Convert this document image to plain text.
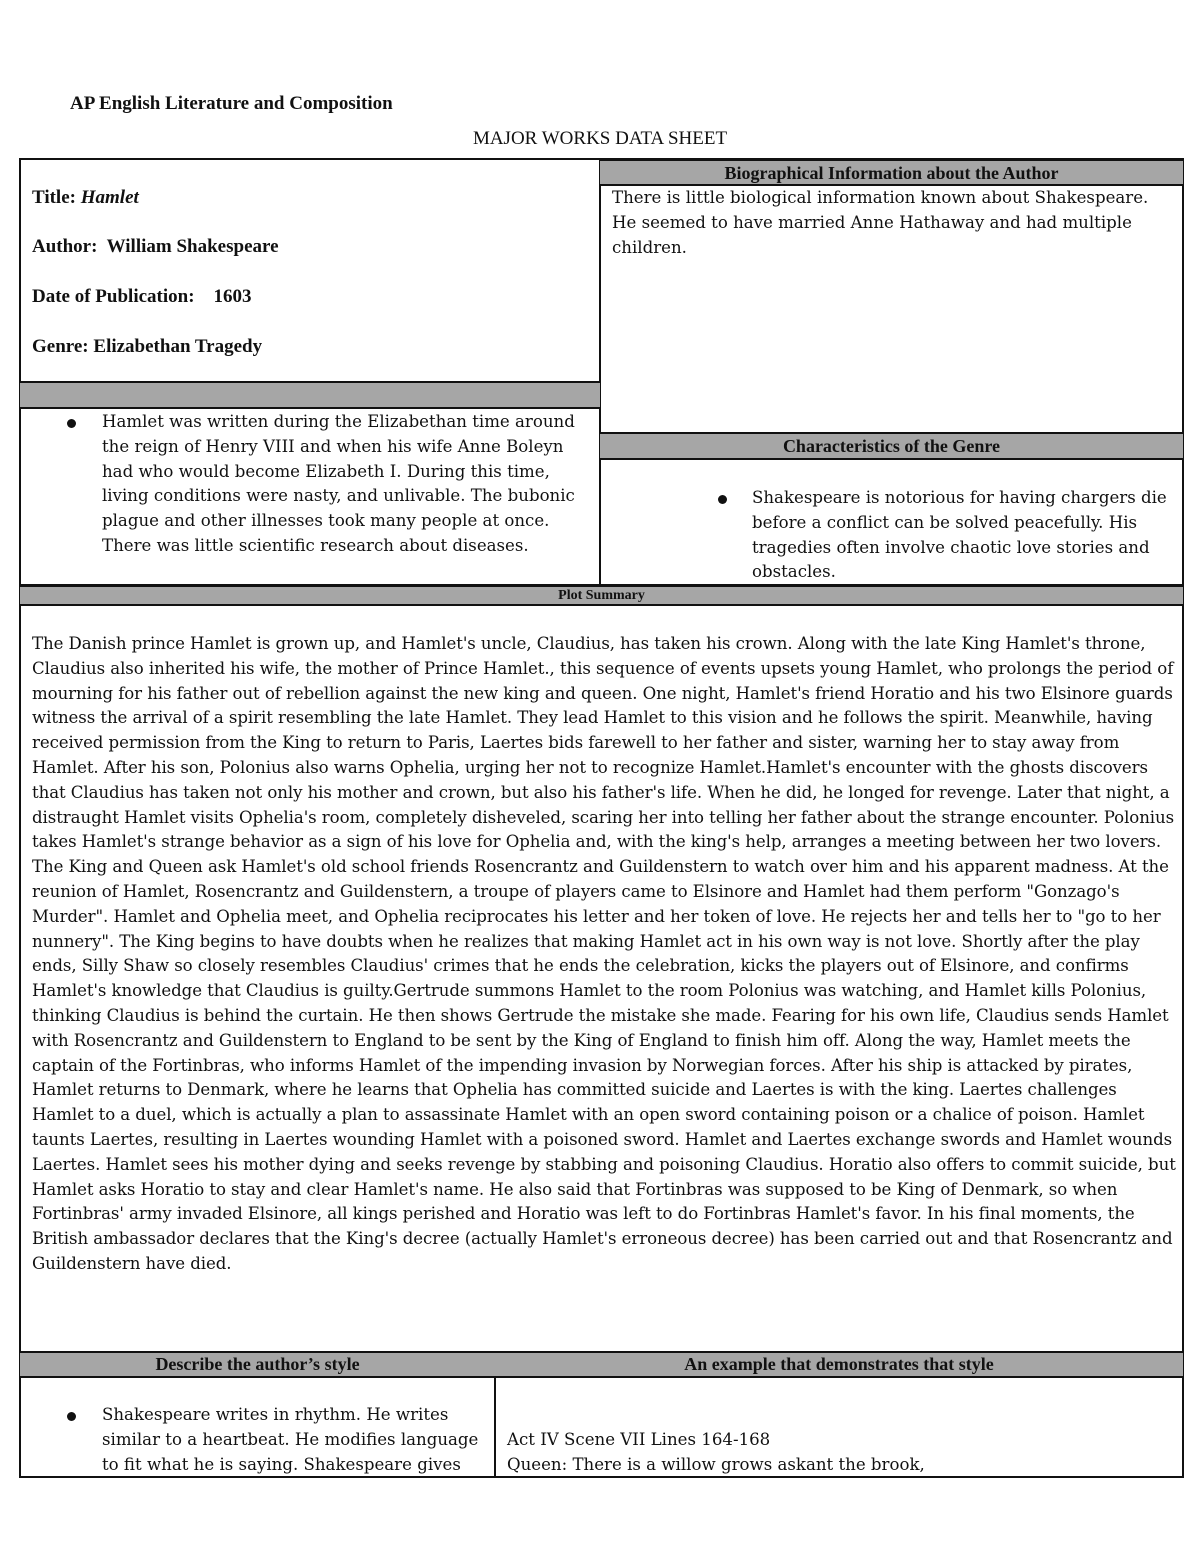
AP English Literature and Composition
MAJOR WORKS DATA SHEET
Title: Hamlet
Author: William Shakespeare
Date of Publication: 1603
Genre: Elizabethan Tragedy
Hamlet was written during the Elizabethan time around the reign of Henry VIII and when his wife Anne Boleyn had who would become Elizabeth I. During this time, living conditions were nasty, and unlivable. The bubonic plague and other illnesses took many people at once. There was little scientific research about diseases.
Biographical Information about the Author
There is little biological information known about Shakespeare. He seemed to have married Anne Hathaway and had multiple children.
Characteristics of the Genre
Shakespeare is notorious for having chargers die before a conflict can be solved peacefully. His tragedies often involve chaotic love stories and obstacles.
Plot Summary
The Danish prince Hamlet is grown up, and Hamlet's uncle, Claudius, has taken his crown. Along with the late King Hamlet's throne, Claudius also inherited his wife, the mother of Prince Hamlet., this sequence of events upsets young Hamlet, who prolongs the period of mourning for his father out of rebellion against the new king and queen. One night, Hamlet's friend Horatio and his two Elsinore guards witness the arrival of a spirit resembling the late Hamlet. They lead Hamlet to this vision and he follows the spirit. Meanwhile, having received permission from the King to return to Paris, Laertes bids farewell to her father and sister, warning her to stay away from Hamlet. After his son, Polonius also warns Ophelia, urging her not to recognize Hamlet.Hamlet's encounter with the ghosts discovers that Claudius has taken not only his mother and crown, but also his father's life. When he did, he longed for revenge. Later that night, a distraught Hamlet visits Ophelia's room, completely disheveled, scaring her into telling her father about the strange encounter. Polonius takes Hamlet's strange behavior as a sign of his love for Ophelia and, with the king's help, arranges a meeting between her two lovers. The King and Queen ask Hamlet's old school friends Rosencrantz and Guildenstern to watch over him and his apparent madness. At the reunion of Hamlet, Rosencrantz and Guildenstern, a troupe of players came to Elsinore and Hamlet had them perform "Gonzago's Murder". Hamlet and Ophelia meet, and Ophelia reciprocates his letter and her token of love. He rejects her and tells her to "go to her nunnery". The King begins to have doubts when he realizes that making Hamlet act in his own way is not love. Shortly after the play ends, Silly Shaw so closely resembles Claudius' crimes that he ends the celebration, kicks the players out of Elsinore, and confirms Hamlet's knowledge that Claudius is guilty.Gertrude summons Hamlet to the room Polonius was watching, and Hamlet kills Polonius, thinking Claudius is behind the curtain. He then shows Gertrude the mistake she made. Fearing for his own life, Claudius sends Hamlet with Rosencrantz and Guildenstern to England to be sent by the King of England to finish him off. Along the way, Hamlet meets the captain of the Fortinbras, who informs Hamlet of the impending invasion by Norwegian forces. After his ship is attacked by pirates, Hamlet returns to Denmark, where he learns that Ophelia has committed suicide and Laertes is with the king. Laertes challenges Hamlet to a duel, which is actually a plan to assassinate Hamlet with an open sword containing poison or a chalice of poison. Hamlet taunts Laertes, resulting in Laertes wounding Hamlet with a poisoned sword. Hamlet and Laertes exchange swords and Hamlet wounds Laertes. Hamlet sees his mother dying and seeks revenge by stabbing and poisoning Claudius. Horatio also offers to commit suicide, but Hamlet asks Horatio to stay and clear Hamlet's name. He also said that Fortinbras was supposed to be King of Denmark, so when Fortinbras' army invaded Elsinore, all kings perished and Horatio was left to do Fortinbras Hamlet's favor. In his final moments, the British ambassador declares that the King's decree (actually Hamlet's erroneous decree) has been carried out and that Rosencrantz and Guildenstern have died.
Describe the author’s style	An example that demonstrates that style
Shakespeare writes in rhythm. He writes similar to a heartbeat. He modifies language to fit what he is saying. Shakespeare gives
Act IV Scene VII Lines 164-168
Queen: There is a willow grows askant the brook,
